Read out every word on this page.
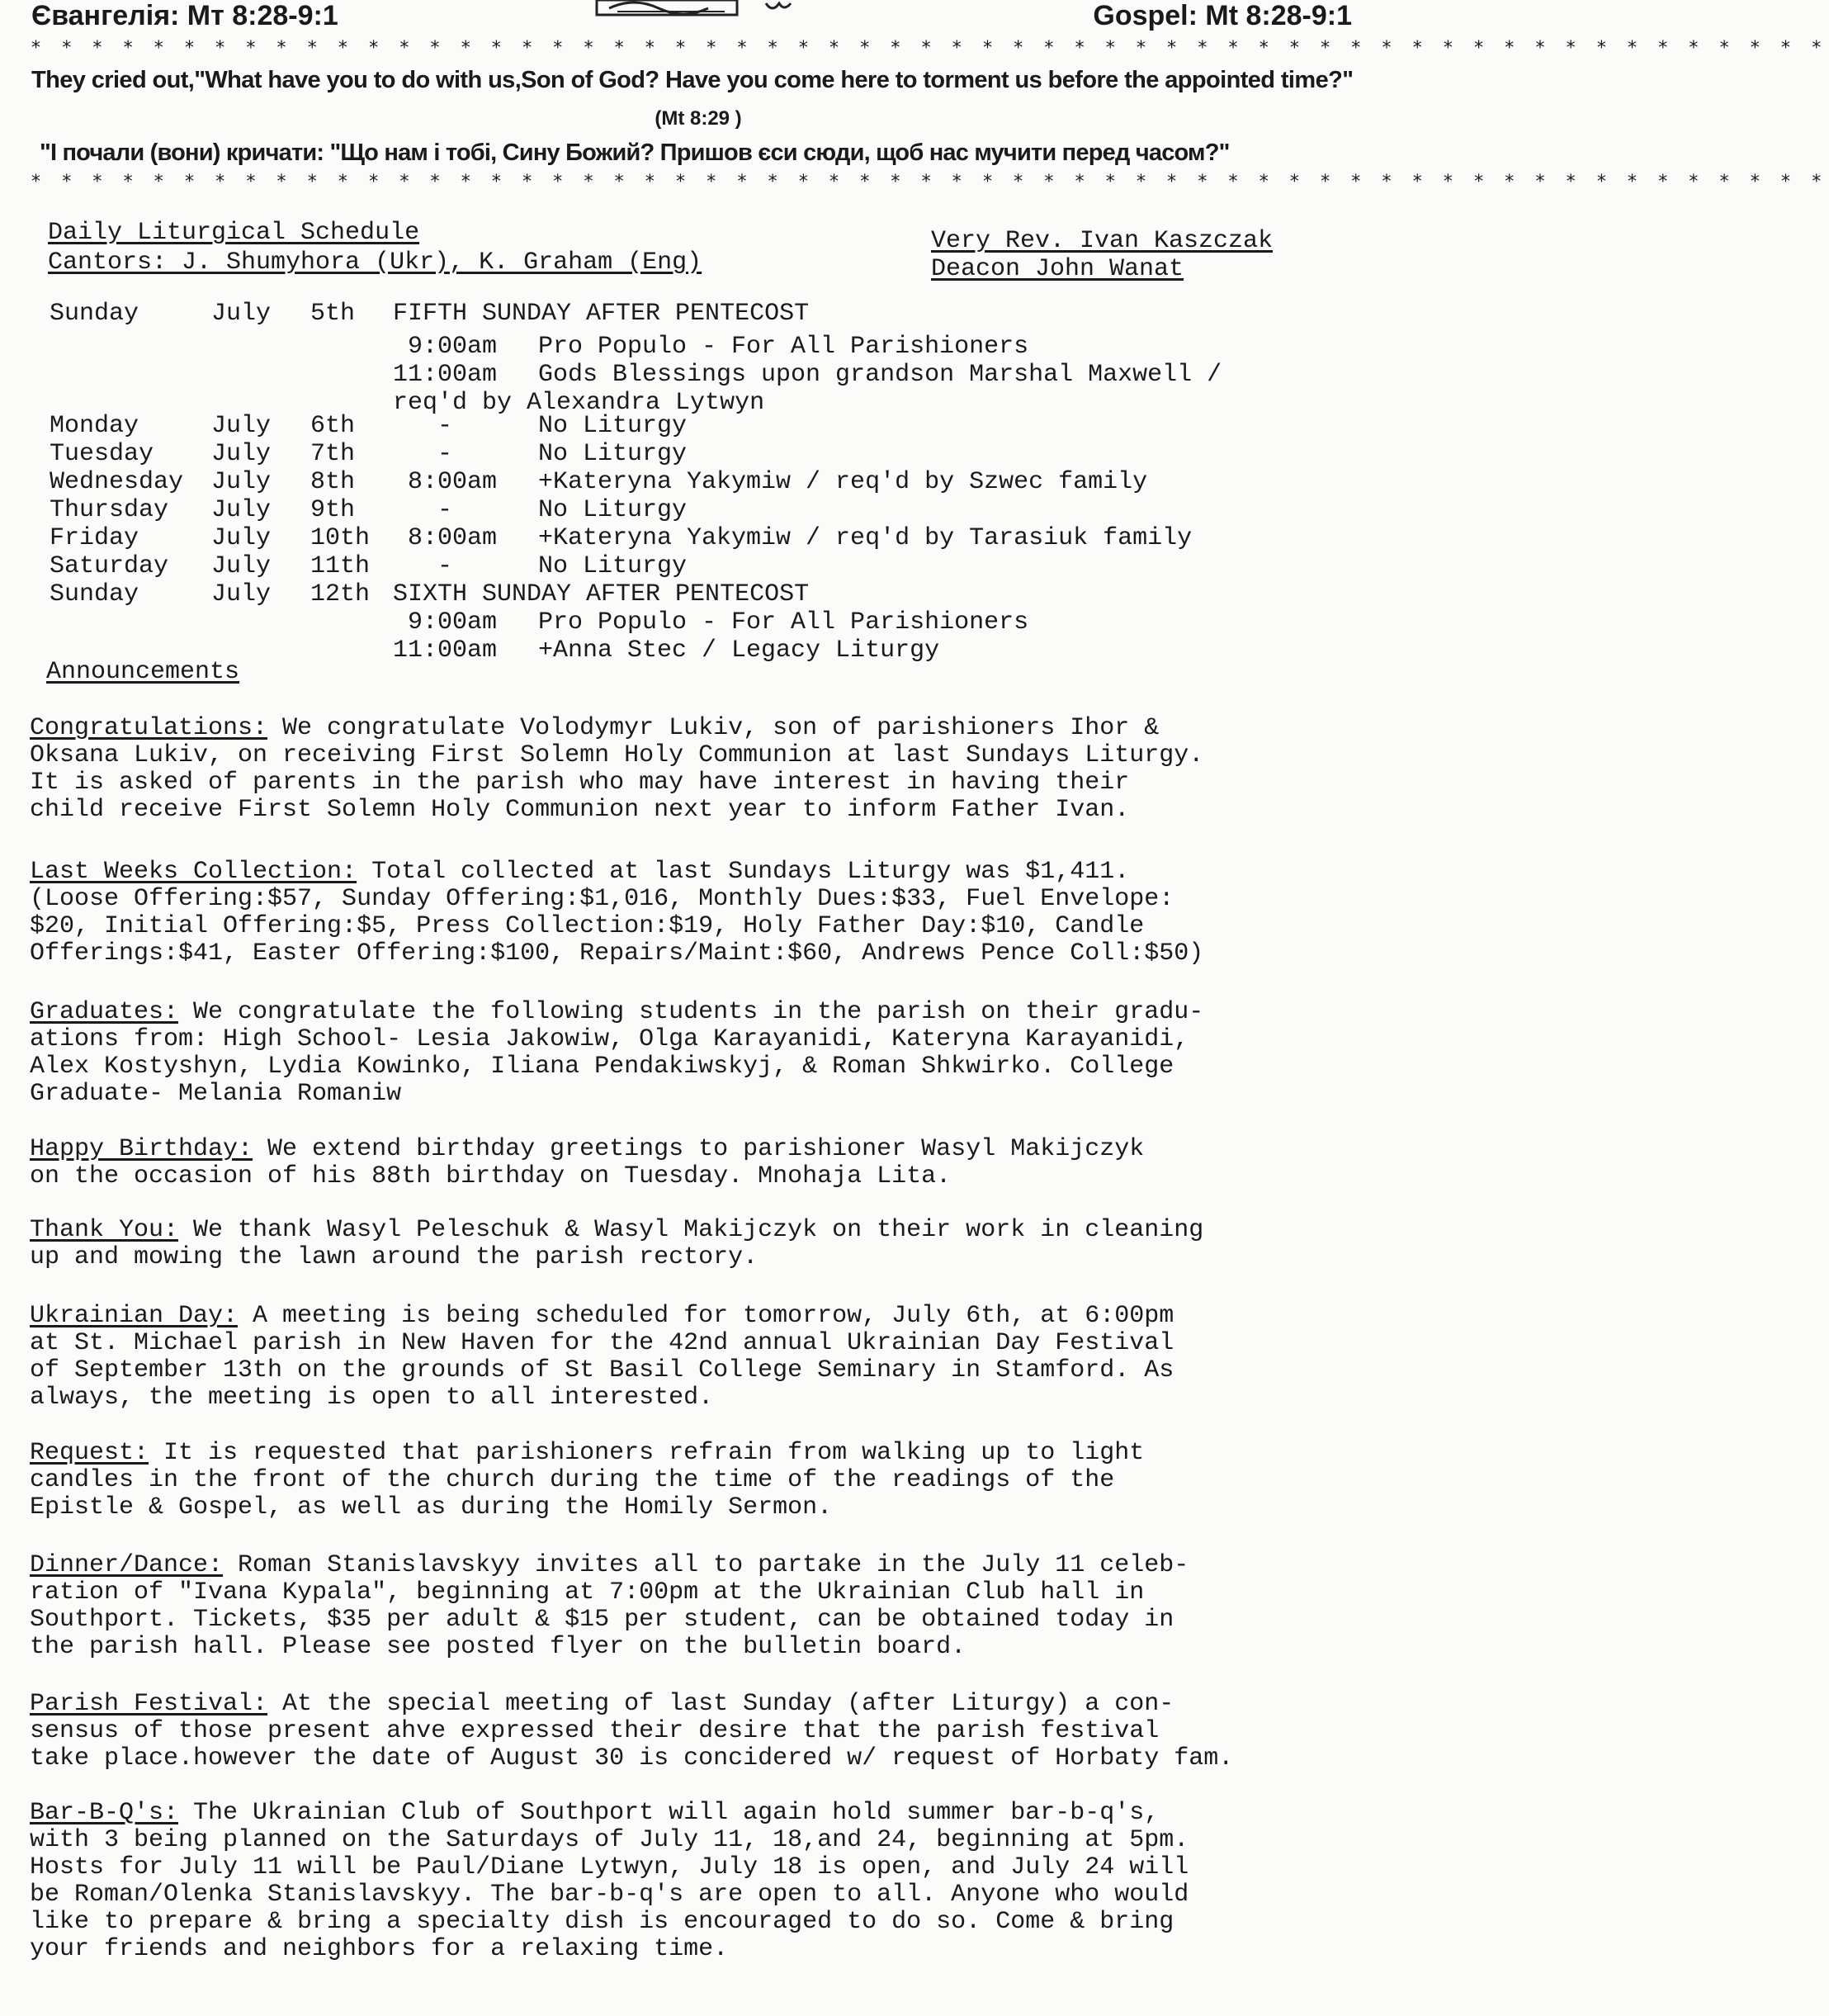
Євангелія: Мт 8:28-9:1	Gospel: Mt 8:28-9:1
* * * * * * * * * * * * * * * * * * * * * * * * * * * * * * * * * * * * * * * * * * * * * * * * * * * * * * * * * * *
They cried out,"What have you to do with us,Son of God? Have you come here to torment us before the appointed time?"
(Mt 8:29 )
"І почали (вони) кричати: "Що нам і тобі, Сину Божий? Пришов єси сюди, щоб нас мучити перед часом?"
* * * * * * * * * * * * * * * * * * * * * * * * * * * * * * * * * * * * * * * * * * * * * * * * * * * * * * * * * * *
Daily Liturgical Schedule
Cantors: J. Shumyhora (Ukr), K. Graham (Eng)
Very Rev. Ivan Kaszczak
Deacon John Wanat
Sunday	July 5th FIFTH SUNDAY AFTER PENTECOST
9:00am Pro Populo - For All Parishioners
11:00am Gods Blessings upon grandson Marshal Maxwell /
req'd by Alexandra Lytwyn
Monday	July 6th -	No Liturgy
Tuesday July 7th -	No Liturgy
Wednesday July 8th 8:00am +Kateryna Yakymiw / req'd by Szwec family
Thursday July 9th -	No Liturgy
Friday	July 10th 8:00am +Kateryna Yakymiw / req'd by Tarasiuk family
Saturday July 11th -	No Liturgy
Sunday	July 12th SIXTH SUNDAY AFTER PENTECOST
9:00am Pro Populo - For All Parishioners
11:00am +Anna Stec / Legacy Liturgy
Announcements
Congratulations: We congratulate Volodymyr Lukiv, son of parishioners Ihor &
Oksana Lukiv, on receiving First Solemn Holy Communion at last Sundays Liturgy.
It is asked of parents in the parish who may have interest in having their
child receive First Solemn Holy Communion next year to inform Father Ivan.
Last Weeks Collection: Total collected at last Sundays Liturgy was $1,411.
(Loose Offering:$57, Sunday Offering:$1,016, Monthly Dues:$33, Fuel Envelope:
$20, Initial Offering:$5, Press Collection:$19, Holy Father Day:$10, Candle
Offerings:$41, Easter Offering:$100, Repairs/Maint:$60, Andrews Pence Coll:$50)
Graduates: We congratulate the following students in the parish on their gradu-
ations from: High School- Lesia Jakowiw, Olga Karayanidi, Kateryna Karayanidi,
Alex Kostyshyn, Lydia Kowinko, Iliana Pendakiwskyj, & Roman Shkwirko. College
Graduate- Melania Romaniw
Happy Birthday: We extend birthday greetings to parishioner Wasyl Makijczyk
on the occasion of his 88th birthday on Tuesday. Mnohaja Lita.
Thank You: We thank Wasyl Peleschuk & Wasyl Makijczyk on their work in cleaning
up and mowing the lawn around the parish rectory.
Ukrainian Day: A meeting is being scheduled for tomorrow, July 6th, at 6:00pm
at St. Michael parish in New Haven for the 42nd annual Ukrainian Day Festival
of September 13th on the grounds of St Basil College Seminary in Stamford. As
always, the meeting is open to all interested.
Request: It is requested that parishioners refrain from walking up to light
candles in the front of the church during the time of the readings of the
Epistle & Gospel, as well as during the Homily Sermon.
Dinner/Dance: Roman Stanislavskyy invites all to partake in the July 11 celeb-
ration of "Ivana Kypala", beginning at 7:00pm at the Ukrainian Club hall in
Southport. Tickets, $35 per adult & $15 per student, can be obtained today in
the parish hall. Please see posted flyer on the bulletin board.
Parish Festival: At the special meeting of last Sunday (after Liturgy) a con-
sensus of those present ahve expressed their desire that the parish festival
take place.however the date of August 30 is concidered w/ request of Horbaty fam.
Bar-B-Q's: The Ukrainian Club of Southport will again hold summer bar-b-q's,
with 3 being planned on the Saturdays of July 11, 18,and 24, beginning at 5pm.
Hosts for July 11 will be Paul/Diane Lytwyn, July 18 is open, and July 24 will
be Roman/Olenka Stanislavskyy. The bar-b-q's are open to all. Anyone who would
like to prepare & bring a specialty dish is encouraged to do so. Come & bring
your friends and neighbors for a relaxing time.
